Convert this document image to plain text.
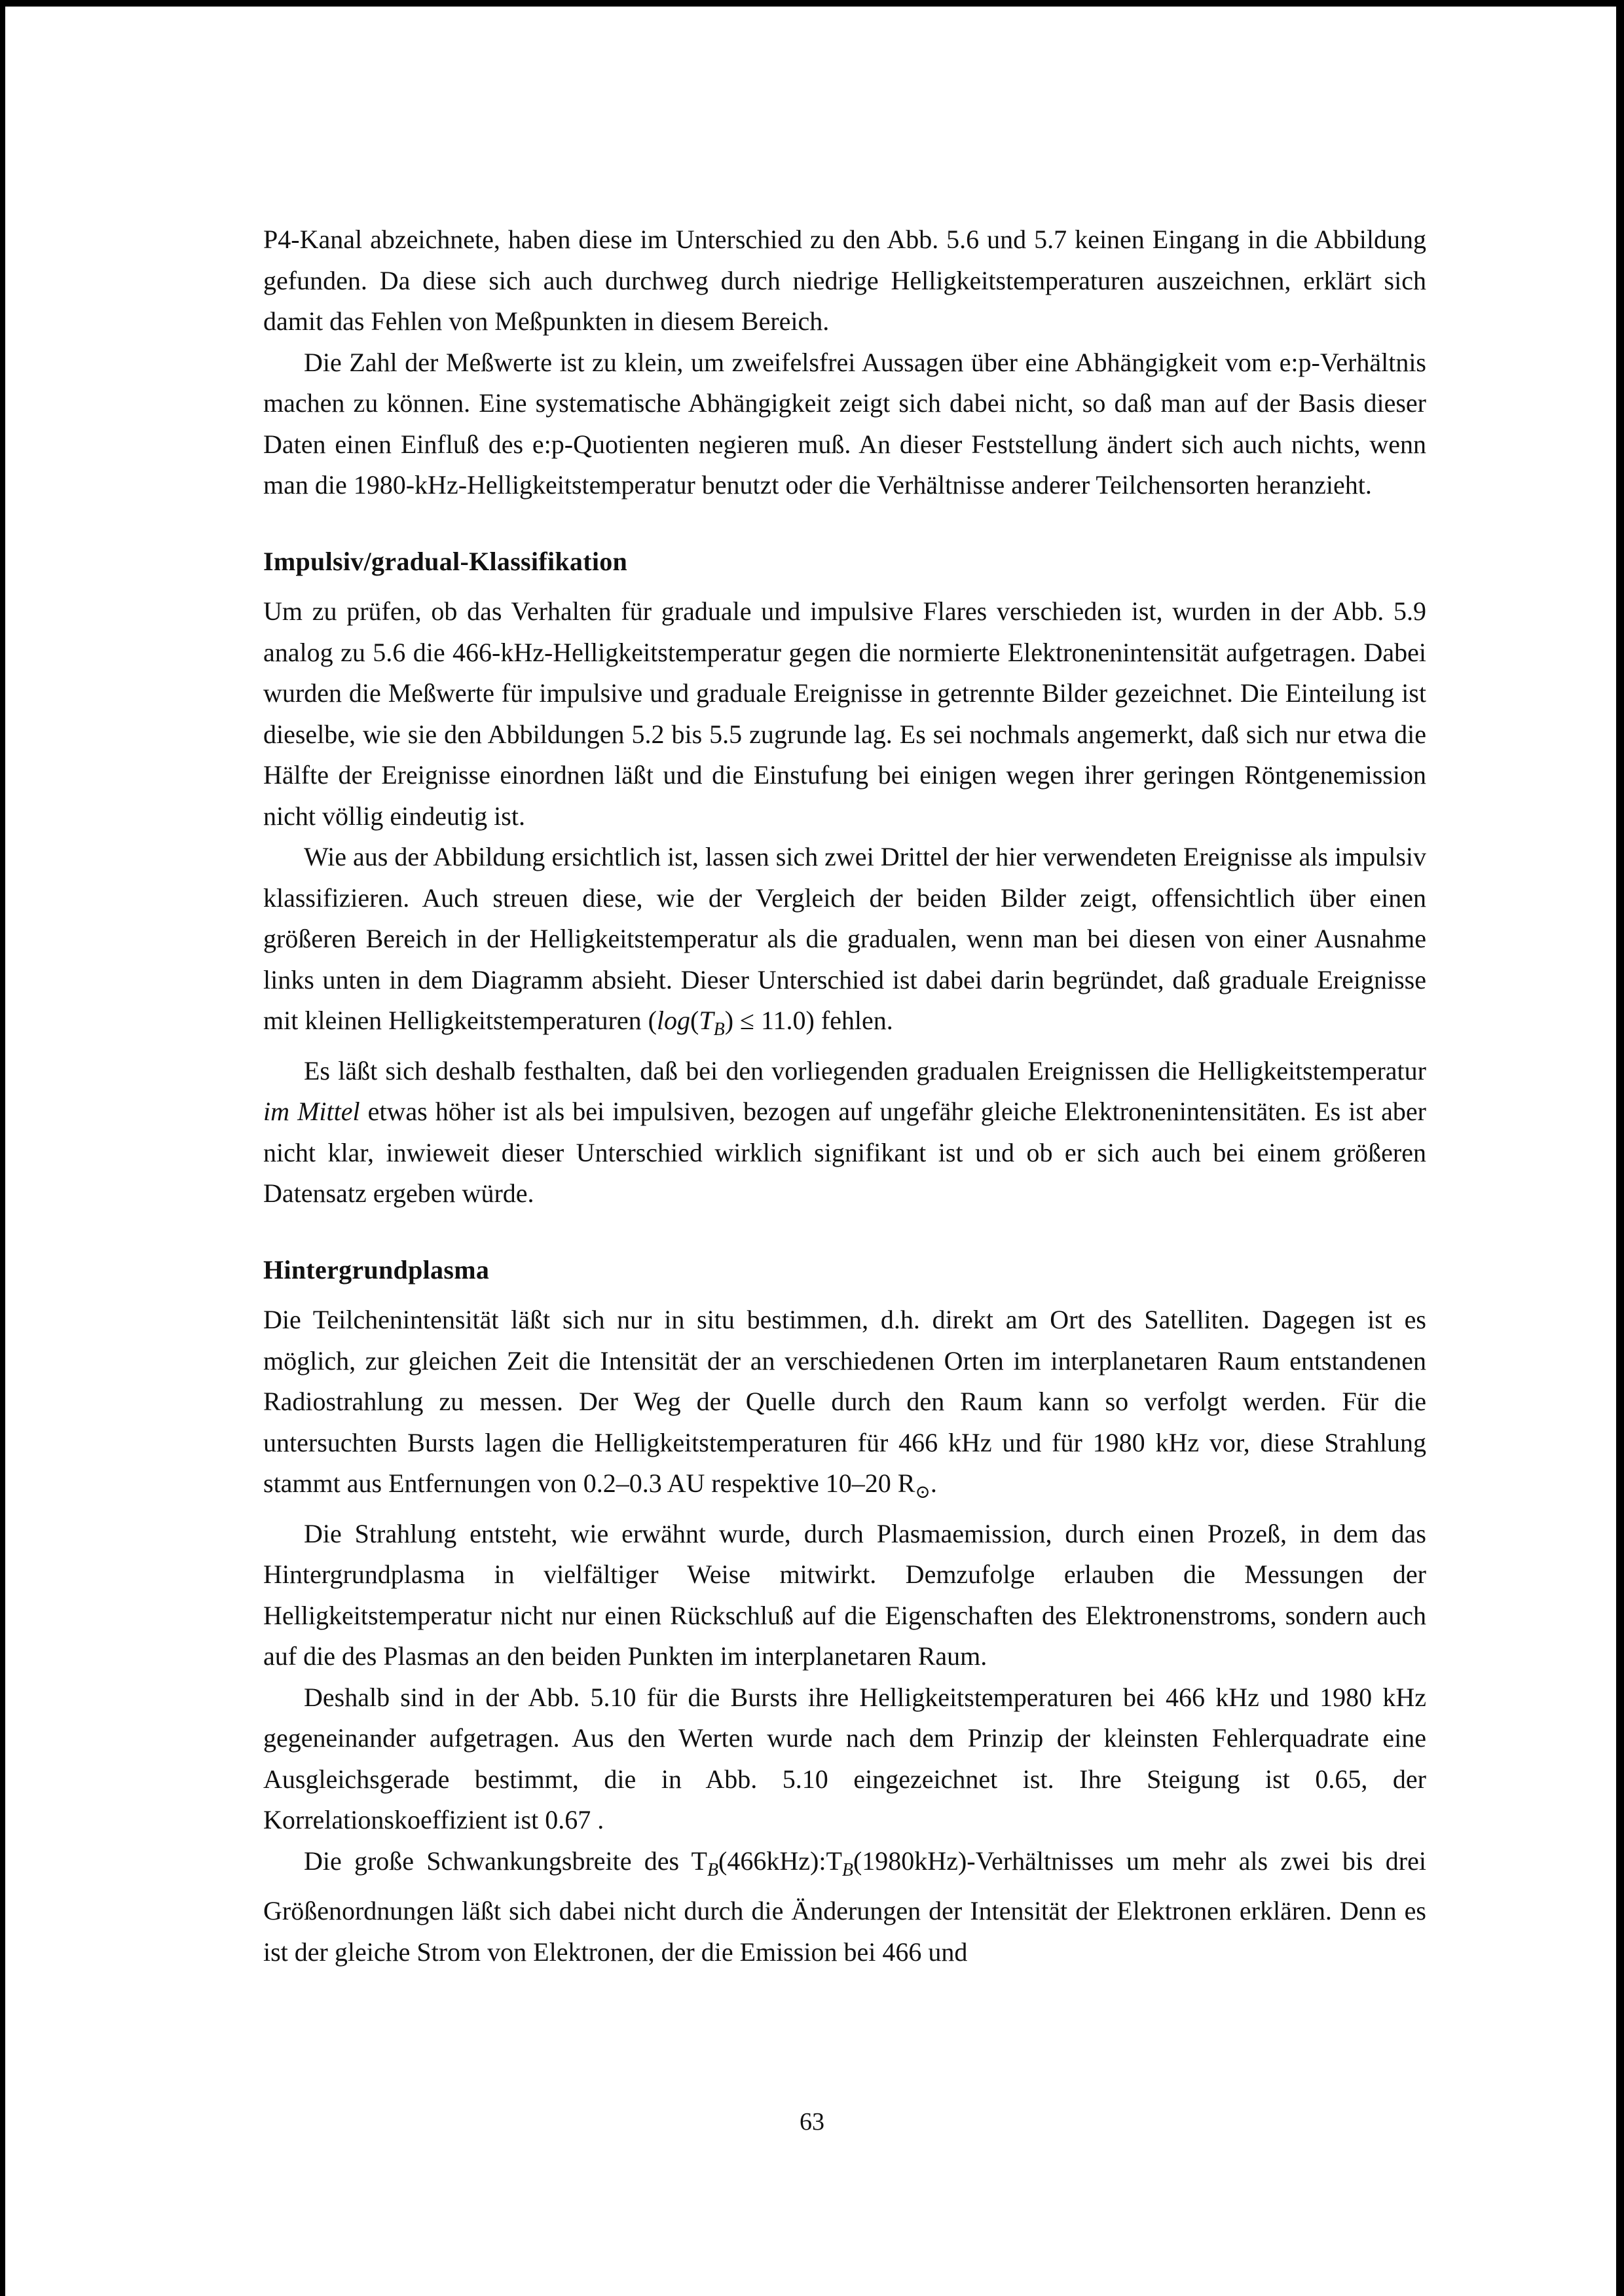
P4-Kanal abzeichnete, haben diese im Unterschied zu den Abb. 5.6 und 5.7 keinen Eingang in die Abbildung gefunden. Da diese sich auch durchweg durch niedrige Helligkeitstemperaturen auszeichnen, erklärt sich damit das Fehlen von Meßpunkten in diesem Bereich.

Die Zahl der Meßwerte ist zu klein, um zweifelsfrei Aussagen über eine Abhängigkeit vom e:p-Verhältnis machen zu können. Eine systematische Abhängigkeit zeigt sich dabei nicht, so daß man auf der Basis dieser Daten einen Einfluß des e:p-Quotienten negieren muß. An dieser Feststellung ändert sich auch nichts, wenn man die 1980-kHz-Helligkeitstemperatur benutzt oder die Verhältnisse anderer Teilchensorten heranzieht.

Impulsiv/gradual-Klassifikation

Um zu prüfen, ob das Verhalten für graduale und impulsive Flares verschieden ist, wurden in der Abb. 5.9 analog zu 5.6 die 466-kHz-Helligkeitstemperatur gegen die normierte Elektronenintensität aufgetragen. Dabei wurden die Meßwerte für impulsive und graduale Ereignisse in getrennte Bilder gezeichnet. Die Einteilung ist dieselbe, wie sie den Abbildungen 5.2 bis 5.5 zugrunde lag. Es sei nochmals angemerkt, daß sich nur etwa die Hälfte der Ereignisse einordnen läßt und die Einstufung bei einigen wegen ihrer geringen Röntgenemission nicht völlig eindeutig ist.

Wie aus der Abbildung ersichtlich ist, lassen sich zwei Drittel der hier verwendeten Ereignisse als impulsiv klassifizieren. Auch streuen diese, wie der Vergleich der beiden Bilder zeigt, offensichtlich über einen größeren Bereich in der Helligkeitstemperatur als die gradualen, wenn man bei diesen von einer Ausnahme links unten in dem Diagramm absieht. Dieser Unterschied ist dabei darin begründet, daß graduale Ereignisse mit kleinen Helligkeitstemperaturen $(\log(T_B) \le 11.0)$ fehlen.

Es läßt sich deshalb festhalten, daß bei den vorliegenden gradualen Ereignissen die Helligkeitstemperatur im Mittel etwas höher ist als bei impulsiven, bezogen auf ungefähr gleiche Elektronenintensitäten. Es ist aber nicht klar, inwieweit dieser Unterschied wirklich signifikant ist und ob er sich auch bei einem größeren Datensatz ergeben würde.

Hintergrundplasma

Die Teilchenintensität läßt sich nur in situ bestimmen, d.h. direkt am Ort des Satelliten. Dagegen ist es möglich, zur gleichen Zeit die Intensität der an verschiedenen Orten im interplanetaren Raum entstandenen Radiostrahlung zu messen. Der Weg der Quelle durch den Raum kann so verfolgt werden. Für die untersuchten Bursts lagen die Helligkeitstemperaturen für 466 kHz und für 1980 kHz vor, diese Strahlung stammt aus Entfernungen von 0.2–0.3 AU respektive 10–20 $R_⊙$.

Die Strahlung entsteht, wie erwähnt wurde, durch Plasmaemission, durch einen Prozeß, in dem das Hintergrundplasma in vielfältiger Weise mitwirkt. Demzufolge erlauben die Messungen der Helligkeitstemperatur nicht nur einen Rückschluß auf die Eigenschaften des Elektronenstroms, sondern auch auf die des Plasmas an den beiden Punkten im interplanetaren Raum.

Deshalb sind in der Abb. 5.10 für die Bursts ihre Helligkeitstemperaturen bei 466 kHz und 1980 kHz gegeneinander aufgetragen. Aus den Werten wurde nach dem Prinzip der kleinsten Fehlerquadrate eine Ausgleichsgerade bestimmt, die in Abb. 5.10 eingezeichnet ist. Ihre Steigung ist 0.65, der Korrelationskoeffizient ist 0.67 .

Die große Schwankungsbreite des $T_B(466kHz):T_B(1980kHz)$-Verhältnisses um mehr als zwei bis drei Größenordnungen läßt sich dabei nicht durch die Änderungen der Intensität der Elektronen erklären. Denn es ist der gleiche Strom von Elektronen, der die Emission bei 466 und

63
